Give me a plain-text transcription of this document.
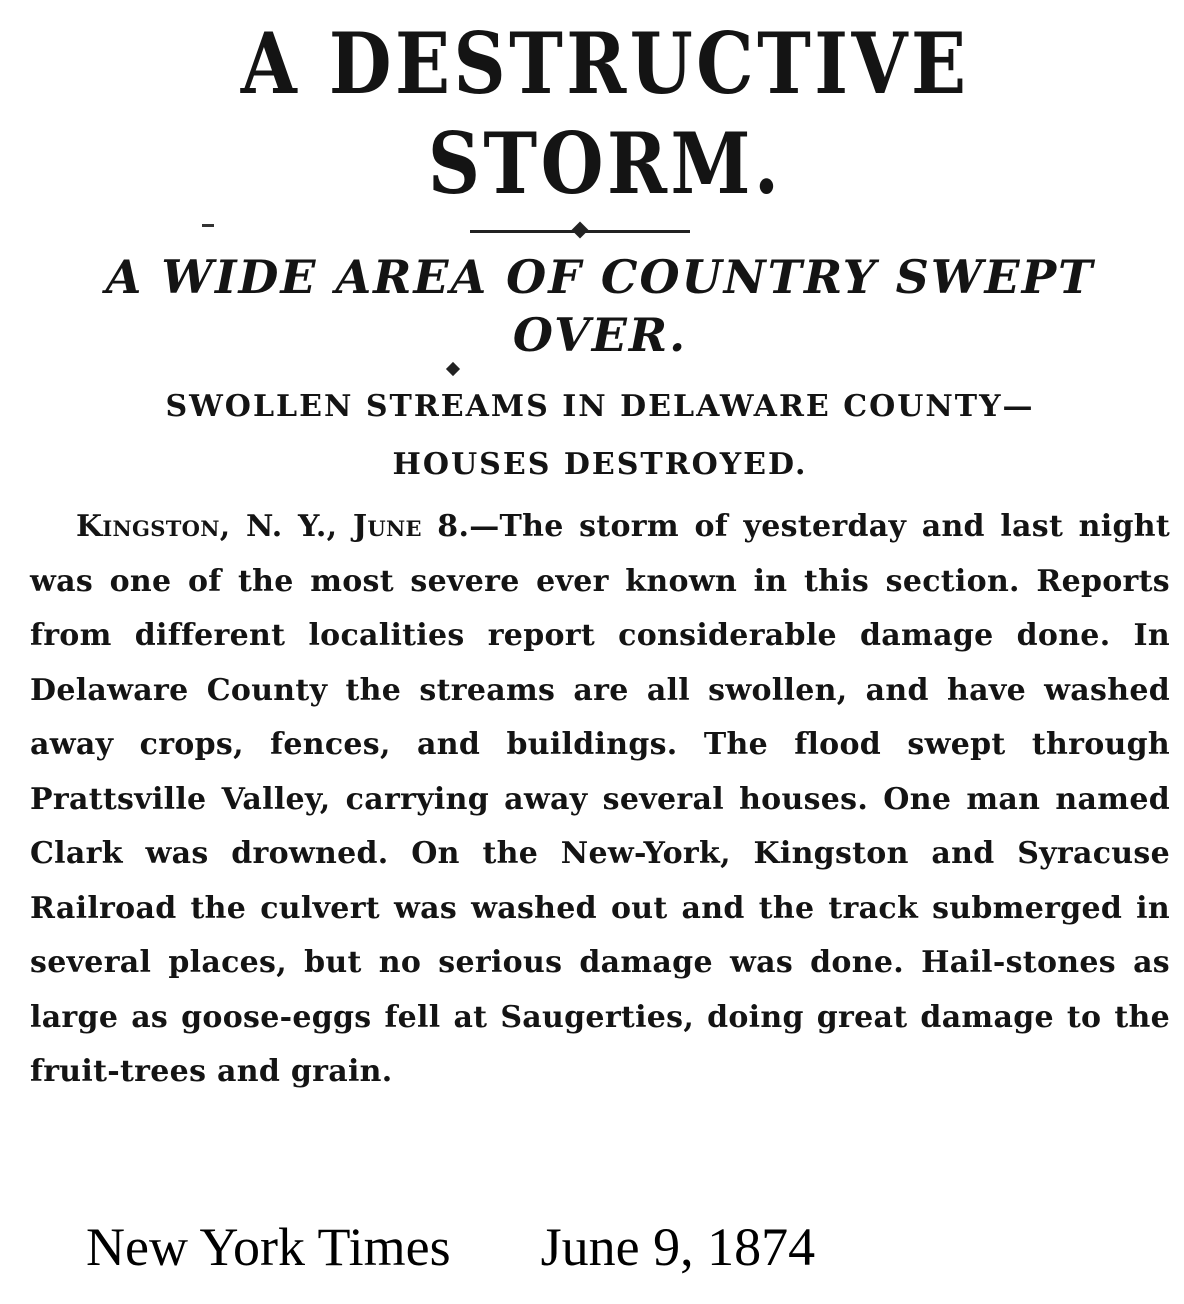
A DESTRUCTIVE STORM.
A WIDE AREA OF COUNTRY SWEPT
OVER.
SWOLLEN STREAMS IN DELAWARE COUNTY—
HOUSES DESTROYED.

Kingston, N. Y., June 8.—The storm of yesterday and last night was one of the most severe ever known in this section. Reports from different localities report considerable damage done. In Delaware County the streams are all swollen, and have washed away crops, fences, and buildings. The flood swept through Prattsville Valley, carrying away several houses. One man named Clark was drowned. On the New-York, Kingston and Syracuse Railroad the culvert was washed out and the track submerged in several places, but no serious damage was done. Hail-stones as large as goose-eggs fell at Saugerties, doing great damage to the fruit-trees and grain.

New York Times June 9, 1874
